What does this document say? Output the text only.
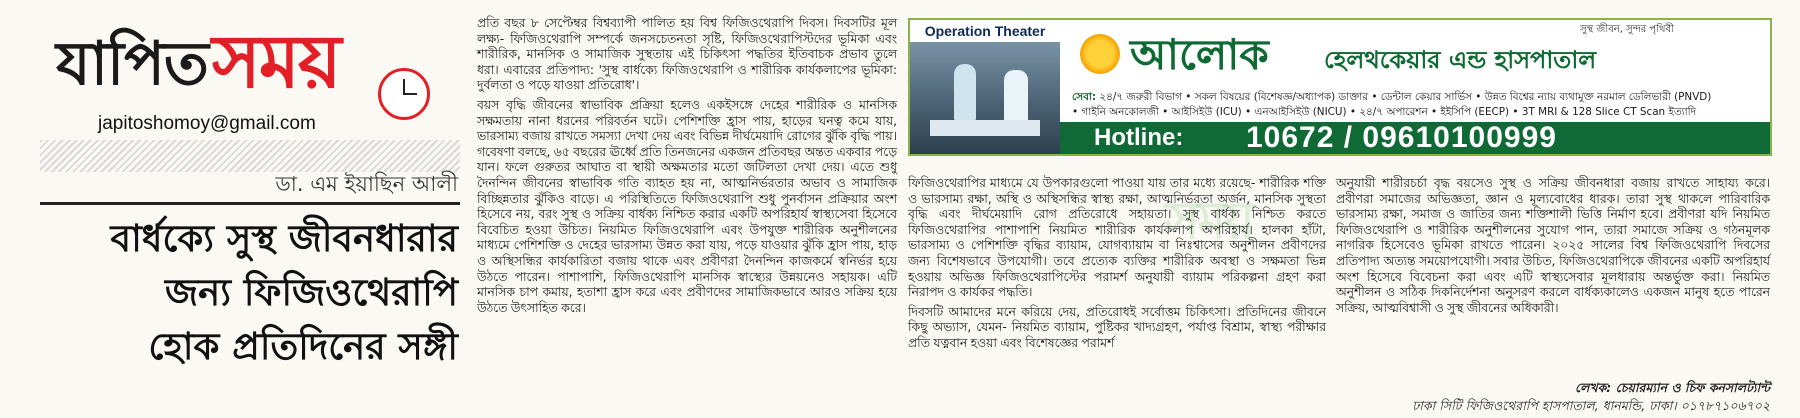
যাপিত সময়
japitoshomoy@gmail.com
ডা. এম ইয়াছিন আলী
বার্ধক্যে সুস্থ জীবনধারার
জন্য ফিজিওথেরাপি
হোক প্রতিদিনের সঙ্গী

প্রতি বছর ৮ সেপ্টেম্বর বিশ্বব্যাপী পালিত হয় বিশ্ব ফিজিওথেরাপি দিবস। দিবসটির মূল লক্ষ্য- ফিজিওথেরাপি সম্পর্কে জনসচেতনতা সৃষ্টি, ফিজিওথেরাপিস্টদের ভূমিকা এবং শারীরিক, মানসিক ও সামাজিক সুস্থতায় এই চিকিৎসা পদ্ধতির ইতিবাচক প্রভাব তুলে ধরা। এবারের প্রতিপাদ্য: 'সুস্থ বার্ধক্যে ফিজিওথেরাপি ও শারীরিক কার্যকলাপের ভূমিকা: দুর্বলতা ও পড়ে যাওয়া প্রতিরোধ'।

বয়স বৃদ্ধি জীবনের স্বাভাবিক প্রক্রিয়া হলেও একইসঙ্গে দেহের শারীরিক ও মানসিক সক্ষমতায় নানা ধরনের পরিবর্তন ঘটে। পেশিশক্তি হ্রাস পায়, হাড়ের ঘনত্ব কমে যায়, ভারসাম্য বজায় রাখতে সমস্যা দেখা দেয় এবং বিভিন্ন দীর্ঘমেয়াদি রোগের ঝুঁকি বৃদ্ধি পায়। গবেষণা বলছে, ৬৫ বছরের ঊর্ধ্বে প্রতি তিনজনের একজন প্রতিবছর অন্তত একবার পড়ে যান। ফলে গুরুতর আঘাত বা স্থায়ী অক্ষমতার মতো জটিলতা দেখা দেয়। এতে শুধু দৈনন্দিন জীবনের স্বাভাবিক গতি ব্যাহত হয় না, আত্মনির্ভরতার অভাব ও সামাজিক বিচ্ছিন্নতার ঝুঁকিও বাড়ে। এ পরিস্থিতিতে ফিজিওথেরাপি শুধু পুনর্বাসন প্রক্রিয়ার অংশ হিসেবে নয়, বরং সুস্থ ও সক্রিয় বার্ধক্য নিশ্চিত করার একটি অপরিহার্য স্বাস্থ্যসেবা হিসেবে বিবেচিত হওয়া উচিত। নিয়মিত ফিজিওথেরাপি এবং উপযুক্ত শারীরিক অনুশীলনের মাধ্যমে পেশিশক্তি ও দেহের ভারসাম্য উন্নত করা যায়, পড়ে যাওয়ার ঝুঁকি হ্রাস পায়, হাড় ও অস্থিসন্ধির কার্যকারিতা বজায় থাকে এবং প্রবীণরা দৈনন্দিন কাজকর্মে স্বনির্ভর হয়ে উঠতে পারেন। পাশাপাশি, ফিজিওথেরাপি মানসিক স্বাস্থ্যের উন্নয়নেও সহায়ক। এটি মানসিক চাপ কমায়, হতাশা হ্রাস করে এবং প্রবীণদের সামাজিকভাবে আরও সক্রিয় হয়ে উঠতে উৎসাহিত করে।

Operation Theater	আলোক হেলথকেয়ার এন্ড হাসপাতাল
সুস্থ জীবন, সুন্দর পৃথিবী
সেবা: ২৪/৭ জরুরী বিভাগ • সকল বিষয়ের (বিশেষজ্ঞ/অধ্যাপক) ডাক্তার • ডেন্টাল কেয়ার সার্ভিস • উন্নত বিশ্বের ন্যায় ব্যথামুক্ত নরমাল ডেলিভারী (PNVD)
• গাইনি অনকোলজী • আইসিইউ (ICU) • এনআইসিইউ (NICU) • ২৪/৭ অপারেশন • ইইসিপি (EECP) • 3T MRI & 128 Slice CT Scan ইত্যাদি
Hotline: 10672 / 09610100999
সময়

ফিজিওথেরাপির মাধ্যমে যে উপকারগুলো পাওয়া যায় তার মধ্যে রয়েছে- শারীরিক শক্তি ও ভারসাম্য রক্ষা, অস্থি ও অস্থিসন্ধির স্বাস্থ্য রক্ষা, আত্মনির্ভরতা অর্জন, মানসিক সুস্থতা বৃদ্ধি এবং দীর্ঘমেয়াদি রোগ প্রতিরোধে সহায়তা। সুস্থ বার্ধক্য নিশ্চিত করতে ফিজিওথেরাপির পাশাপাশি নিয়মিত শারীরিক কার্যকলাপ অপরিহার্য। হালকা হাঁটা, ভারসাম্য ও পেশিশক্তি বৃদ্ধির ব্যায়াম, যোগব্যায়াম বা নিঃশ্বাসের অনুশীলন প্রবীণদের জন্য বিশেষভাবে উপযোগী। তবে প্রত্যেক ব্যক্তির শারীরিক অবস্থা ও সক্ষমতা ভিন্ন হওয়ায় অভিজ্ঞ ফিজিওথেরাপিস্টের পরামর্শ অনুযায়ী ব্যায়াম পরিকল্পনা গ্রহণ করা নিরাপদ ও কার্যকর পদ্ধতি।

দিবসটি আমাদের মনে করিয়ে দেয়, প্রতিরোধই সর্বোত্তম চিকিৎসা। প্রতিদিনের জীবনে কিছু অভ্যাস, যেমন- নিয়মিত ব্যায়াম, পুষ্টিকর খাদ্যগ্রহণ, পর্যাপ্ত বিশ্রাম, স্বাস্থ্য পরীক্ষার প্রতি যত্নবান হওয়া এবং বিশেষজ্ঞের পরামর্শ

অনুযায়ী শারীরচর্চা বৃদ্ধ বয়সেও সুস্থ ও সক্রিয় জীবনধারা বজায় রাখতে সাহায্য করে। প্রবীণরা সমাজের অভিজ্ঞতা, জ্ঞান ও মূল্যবোধের ধারক। তারা সুস্থ থাকলে পারিবারিক ভারসাম্য রক্ষা, সমাজ ও জাতির জন্য শক্তিশালী ভিত্তি নির্মাণ হবে। প্রবীণরা যদি নিয়মিত ফিজিওথেরাপি ও শারীরিক অনুশীলনের সুযোগ পান, তারা সমাজে সক্রিয় ও গঠনমূলক নাগরিক হিসেবেও ভূমিকা রাখতে পারেন। ২০২৫ সালের বিশ্ব ফিজিওথেরাপি দিবসের প্রতিপাদ্য অত্যন্ত সময়োপযোগী। সবার উচিত, ফিজিওথেরাপিকে জীবনের একটি অপরিহার্য অংশ হিসেবে বিবেচনা করা এবং এটি স্বাস্থ্যসেবার মূলধারায় অন্তর্ভুক্ত করা। নিয়মিত অনুশীলন ও সঠিক দিকনির্দেশনা অনুসরণ করলে বার্ধক্যকালেও একজন মানুষ হতে পারেন সক্রিয়, আত্মবিশ্বাসী ও সুস্থ জীবনের অধিকারী।

লেখক: চেয়ারম্যান ও চিফ কনসালট্যান্ট
ঢাকা সিটি ফিজিওথেরাপি হাসপাতাল, ধানমন্ডি, ঢাকা। ০১৭৮৭১০৬৭০২
